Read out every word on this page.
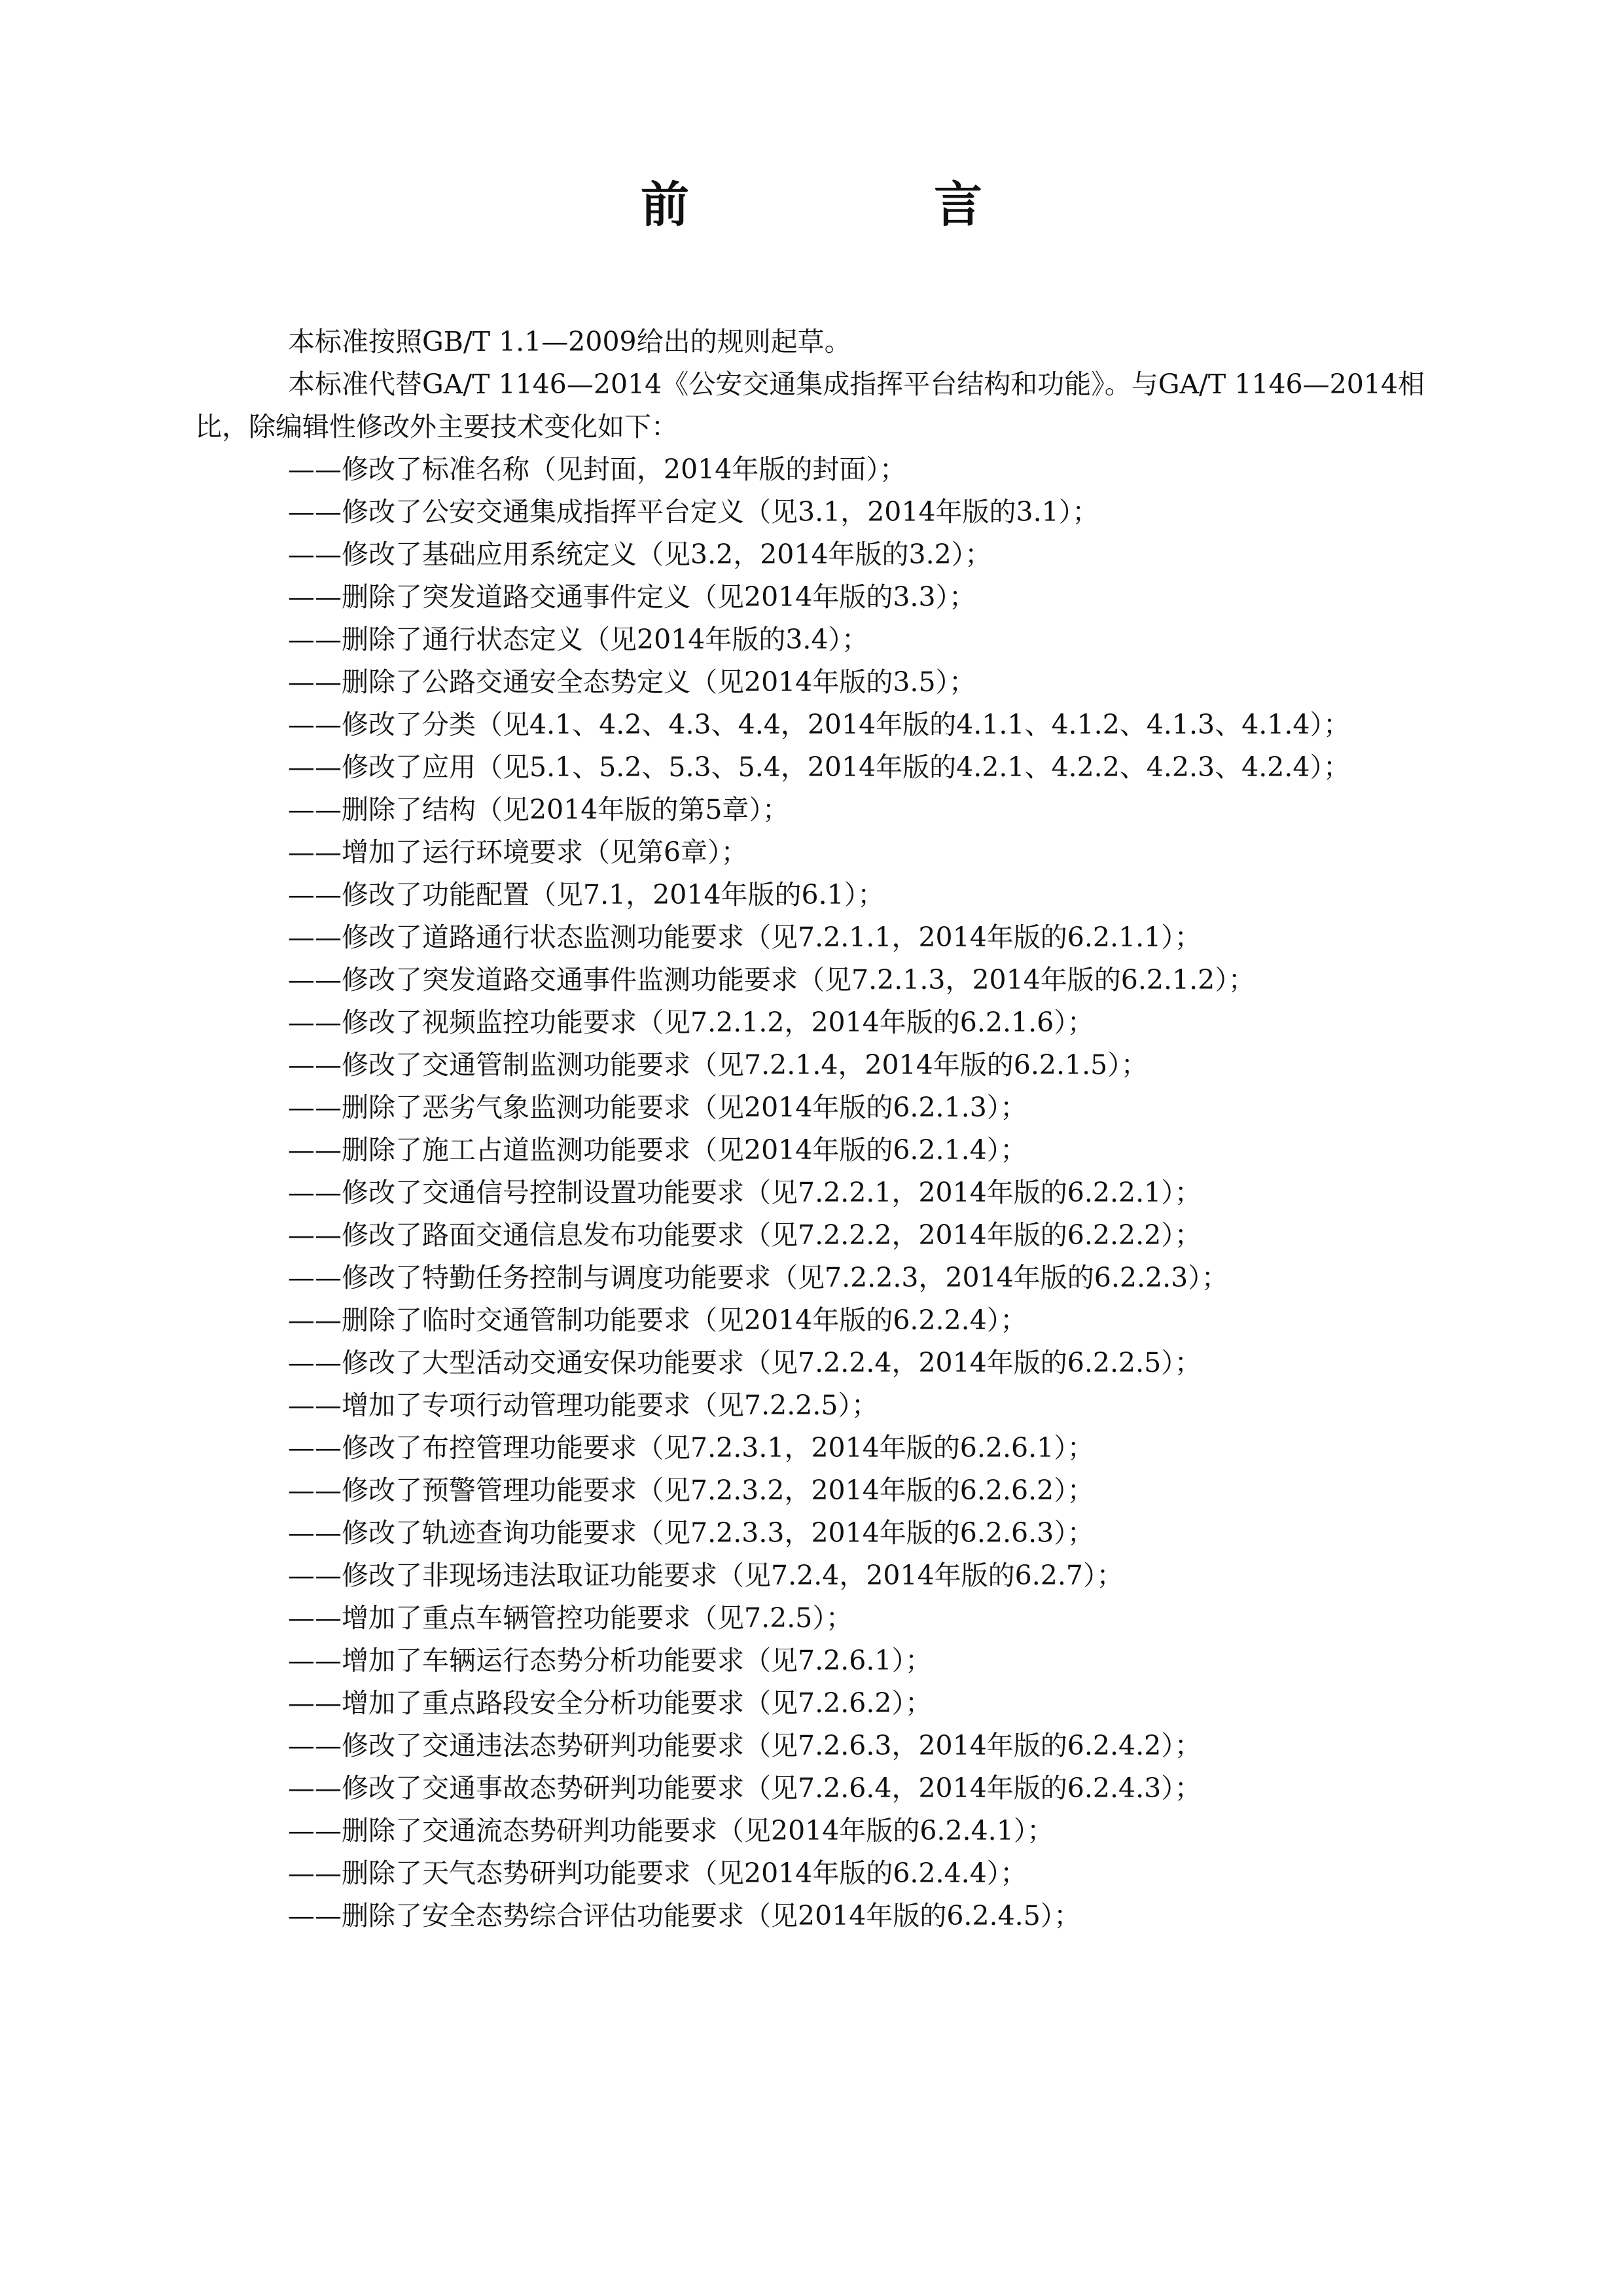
前　言

本标准按照GB/T 1.1—2009给出的规则起草。

本标准代替GA/T 1146—2014《公安交通集成指挥平台结构和功能》。与GA/T 1146—2014相比，除编辑性修改外主要技术变化如下：

——修改了标准名称（见封面，2014年版的封面）；
——修改了公安交通集成指挥平台定义（见3.1，2014年版的3.1）；
——修改了基础应用系统定义（见3.2，2014年版的3.2）；
——删除了突发道路交通事件定义（见2014年版的3.3）；
——删除了通行状态定义（见2014年版的3.4）；
——删除了公路交通安全态势定义（见2014年版的3.5）；
——修改了分类（见4.1、4.2、4.3、4.4，2014年版的4.1.1、4.1.2、4.1.3、4.1.4）；
——修改了应用（见5.1、5.2、5.3、5.4，2014年版的4.2.1、4.2.2、4.2.3、4.2.4）；
——删除了结构（见2014年版的第5章）；
——增加了运行环境要求（见第6章）；
——修改了功能配置（见7.1，2014年版的6.1）；
——修改了道路通行状态监测功能要求（见7.2.1.1，2014年版的6.2.1.1）；
——修改了突发道路交通事件监测功能要求（见7.2.1.3，2014年版的6.2.1.2）；
——修改了视频监控功能要求（见7.2.1.2，2014年版的6.2.1.6）；
——修改了交通管制监测功能要求（见7.2.1.4，2014年版的6.2.1.5）；
——删除了恶劣气象监测功能要求（见2014年版的6.2.1.3）；
——删除了施工占道监测功能要求（见2014年版的6.2.1.4）；
——修改了交通信号控制设置功能要求（见7.2.2.1，2014年版的6.2.2.1）；
——修改了路面交通信息发布功能要求（见7.2.2.2，2014年版的6.2.2.2）；
——修改了特勤任务控制与调度功能要求（见7.2.2.3，2014年版的6.2.2.3）；
——删除了临时交通管制功能要求（见2014年版的6.2.2.4）；
——修改了大型活动交通安保功能要求（见7.2.2.4，2014年版的6.2.2.5）；
——增加了专项行动管理功能要求（见7.2.2.5）；
——修改了布控管理功能要求（见7.2.3.1，2014年版的6.2.6.1）；
——修改了预警管理功能要求（见7.2.3.2，2014年版的6.2.6.2）；
——修改了轨迹查询功能要求（见7.2.3.3，2014年版的6.2.6.3）；
——修改了非现场违法取证功能要求（见7.2.4，2014年版的6.2.7）；
——增加了重点车辆管控功能要求（见7.2.5）；
——增加了车辆运行态势分析功能要求（见7.2.6.1）；
——增加了重点路段安全分析功能要求（见7.2.6.2）；
——修改了交通违法态势研判功能要求（见7.2.6.3，2014年版的6.2.4.2）；
——修改了交通事故态势研判功能要求（见7.2.6.4，2014年版的6.2.4.3）；
——删除了交通流态势研判功能要求（见2014年版的6.2.4.1）；
——删除了天气态势研判功能要求（见2014年版的6.2.4.4）；
——删除了安全态势综合评估功能要求（见2014年版的6.2.4.5）；
